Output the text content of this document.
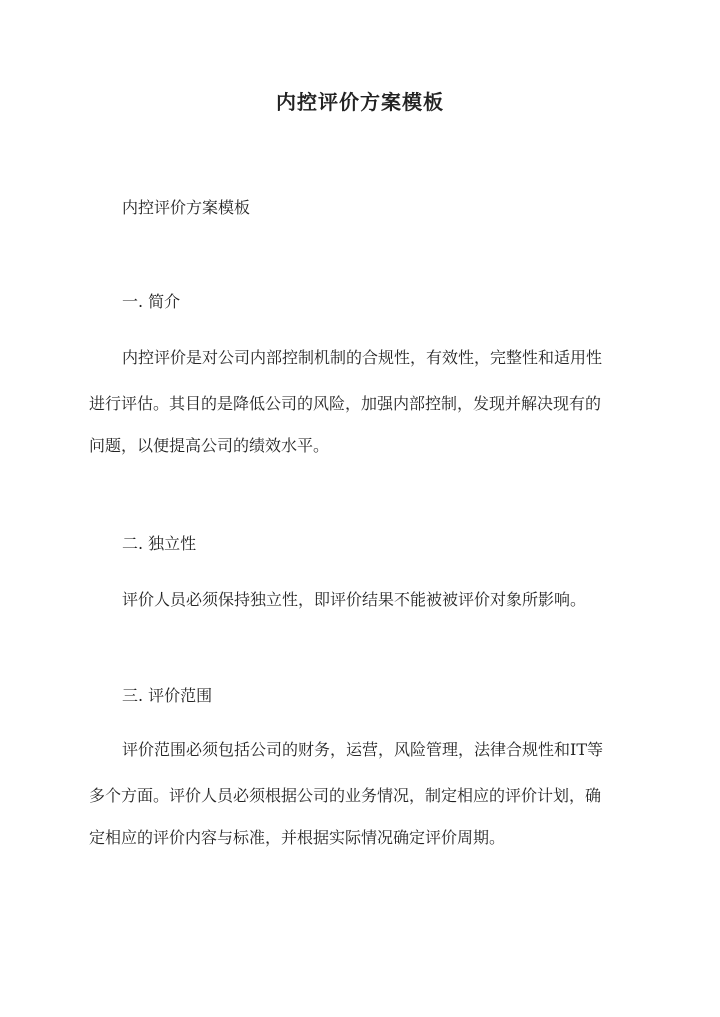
内控评价方案模板

内控评价方案模板

一. 简介

内控评价是对公司内部控制机制的合规性，有效性，完整性和适用性

进行评估。其目的是降低公司的风险，加强内部控制，发现并解决现有的

问题，以便提高公司的绩效水平。

二. 独立性

评价人员必须保持独立性，即评价结果不能被被评价对象所影响。

三. 评价范围

评价范围必须包括公司的财务，运营，风险管理，法律合规性和IT等

多个方面。评价人员必须根据公司的业务情况，制定相应的评价计划，确

定相应的评价内容与标准，并根据实际情况确定评价周期。
